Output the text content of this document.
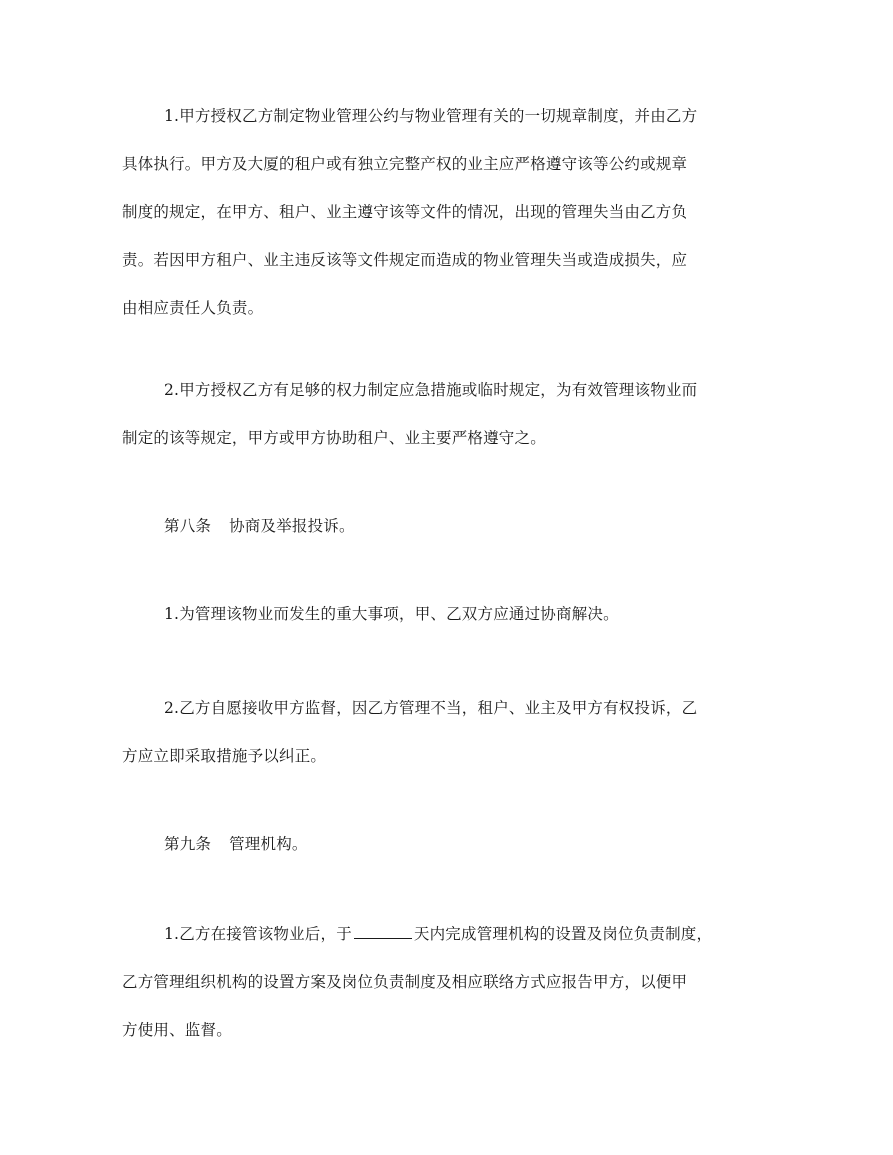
1.甲方授权乙方制定物业管理公约与物业管理有关的一切规章制度，并由乙方
具体执行。甲方及大厦的租户或有独立完整产权的业主应严格遵守该等公约或规章
制度的规定，在甲方、租户、业主遵守该等文件的情况，出现的管理失当由乙方负
责。若因甲方租户、业主违反该等文件规定而造成的物业管理失当或造成损失，应
由相应责任人负责。
2.甲方授权乙方有足够的权力制定应急措施或临时规定，为有效管理该物业而
制定的该等规定，甲方或甲方协助租户、业主要严格遵守之。
第八条 协商及举报投诉。
1.为管理该物业而发生的重大事项，甲、乙双方应通过协商解决。
2.乙方自愿接收甲方监督，因乙方管理不当，租户、业主及甲方有权投诉，乙
方应立即采取措施予以纠正。
第九条 管理机构。
1.乙方在接管该物业后，于	天内完成管理机构的设置及岗位负责制度，
乙方管理组织机构的设置方案及岗位负责制度及相应联络方式应报告甲方，以便甲
方使用、监督。
